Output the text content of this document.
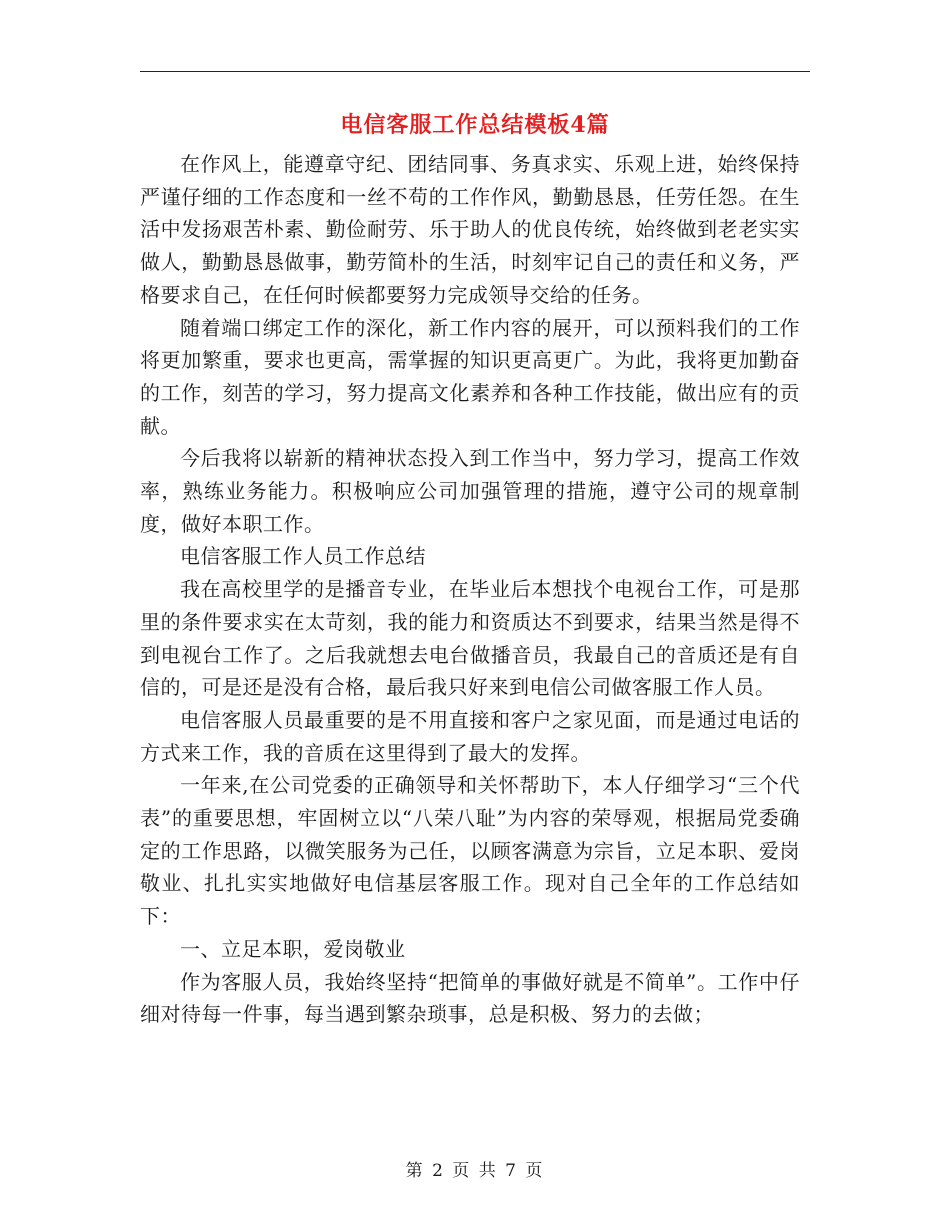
电信客服工作总结模板4篇

在作风上，能遵章守纪、团结同事、务真求实、乐观上进，始终保持严谨仔细的工作态度和一丝不苟的工作作风，勤勤恳恳，任劳任怨。在生活中发扬艰苦朴素、勤俭耐劳、乐于助人的优良传统，始终做到老老实实做人，勤勤恳恳做事，勤劳简朴的生活，时刻牢记自己的责任和义务，严格要求自己，在任何时候都要努力完成领导交给的任务。

随着端口绑定工作的深化，新工作内容的展开，可以预料我们的工作将更加繁重，要求也更高，需掌握的知识更高更广。为此，我将更加勤奋的工作，刻苦的学习，努力提高文化素养和各种工作技能，做出应有的贡献。

今后我将以崭新的精神状态投入到工作当中，努力学习，提高工作效率，熟练业务能力。积极响应公司加强管理的措施，遵守公司的规章制度，做好本职工作。

电信客服工作人员工作总结

我在高校里学的是播音专业，在毕业后本想找个电视台工作，可是那里的条件要求实在太苛刻，我的能力和资质达不到要求，结果当然是得不到电视台工作了。之后我就想去电台做播音员，我最自己的音质还是有自信的，可是还是没有合格，最后我只好来到电信公司做客服工作人员。

电信客服人员最重要的是不用直接和客户之家见面，而是通过电话的方式来工作，我的音质在这里得到了最大的发挥。

一年来,在公司党委的正确领导和关怀帮助下，本人仔细学习“三个代表”的重要思想，牢固树立以“八荣八耻”为内容的荣辱观，根据局党委确定的工作思路，以微笑服务为己任，以顾客满意为宗旨，立足本职、爱岗敬业、扎扎实实地做好电信基层客服工作。现对自己全年的工作总结如下：

一、立足本职，爱岗敬业

作为客服人员，我始终坚持“把简单的事做好就是不简单”。工作中仔细对待每一件事，每当遇到繁杂琐事，总是积极、努力的去做；

第 2 页 共 7 页
